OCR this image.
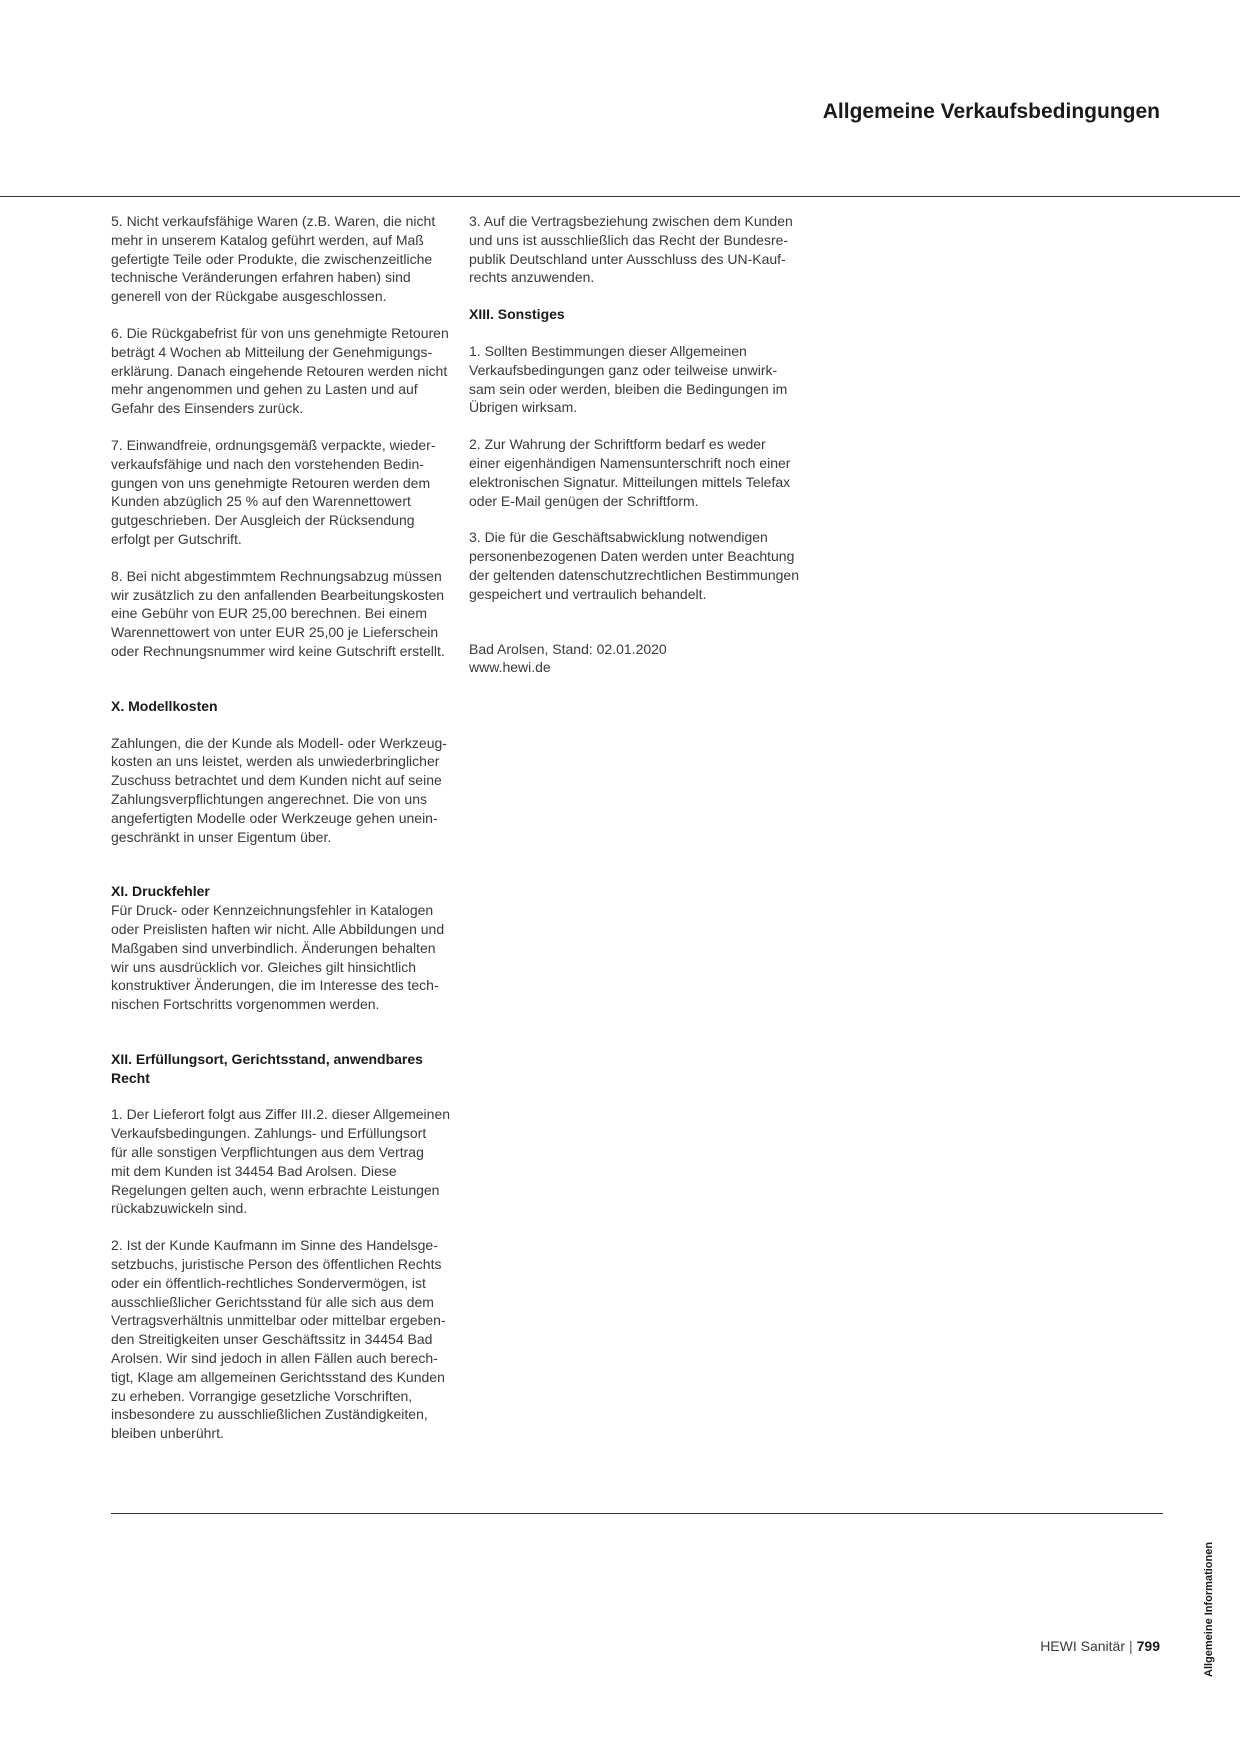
Allgemeine Verkaufsbedingungen

5. Nicht verkaufsfähige Waren (z.B. Waren, die nicht
mehr in unserem Katalog geführt werden, auf Maß
gefertigte Teile oder Produkte, die zwischenzeitliche
technische Veränderungen erfahren haben) sind
generell von der Rückgabe ausgeschlossen.

6. Die Rückgabefrist für von uns genehmigte Retouren
beträgt 4 Wochen ab Mitteilung der Genehmigungs-
erklärung. Danach eingehende Retouren werden nicht
mehr angenommen und gehen zu Lasten und auf
Gefahr des Einsenders zurück.

7. Einwandfreie, ordnungsgemäß verpackte, wieder-
verkaufsfähige und nach den vorstehenden Bedin-
gungen von uns genehmigte Retouren werden dem
Kunden abzüglich 25 % auf den Warennettowert
gutgeschrieben. Der Ausgleich der Rücksendung
erfolgt per Gutschrift.

8. Bei nicht abgestimmtem Rechnungsabzug müssen
wir zusätzlich zu den anfallenden Bearbeitungskosten
eine Gebühr von EUR 25,00 berechnen. Bei einem
Warennettowert von unter EUR 25,00 je Lieferschein
oder Rechnungsnummer wird keine Gutschrift erstellt.

X. Modellkosten

Zahlungen, die der Kunde als Modell- oder Werkzeug-
kosten an uns leistet, werden als unwiederbringlicher
Zuschuss betrachtet und dem Kunden nicht auf seine
Zahlungsverpflichtungen angerechnet. Die von uns
angefertigten Modelle oder Werkzeuge gehen unein-
geschränkt in unser Eigentum über.

XI. Druckfehler

Für Druck- oder Kennzeichnungsfehler in Katalogen
oder Preislisten haften wir nicht. Alle Abbildungen und
Maßgaben sind unverbindlich. Änderungen behalten
wir uns ausdrücklich vor. Gleiches gilt hinsichtlich
konstruktiver Änderungen, die im Interesse des tech-
nischen Fortschritts vorgenommen werden.

XII. Erfüllungsort, Gerichtsstand, anwendbares
Recht

1. Der Lieferort folgt aus Ziffer III.2. dieser Allgemeinen
Verkaufsbedingungen. Zahlungs- und Erfüllungsort
für alle sonstigen Verpflichtungen aus dem Vertrag
mit dem Kunden ist 34454 Bad Arolsen. Diese
Regelungen gelten auch, wenn erbrachte Leistungen
rückabzuwickeln sind.

2. Ist der Kunde Kaufmann im Sinne des Handelsge-
setzbuchs, juristische Person des öffentlichen Rechts
oder ein öffentlich-rechtliches Sondervermögen, ist
ausschließlicher Gerichtsstand für alle sich aus dem
Vertragsverhältnis unmittelbar oder mittelbar ergeben-
den Streitigkeiten unser Geschäftssitz in 34454 Bad
Arolsen. Wir sind jedoch in allen Fällen auch berech-
tigt, Klage am allgemeinen Gerichtsstand des Kunden
zu erheben. Vorrangige gesetzliche Vorschriften,
insbesondere zu ausschließlichen Zuständigkeiten,
bleiben unberührt.

3. Auf die Vertragsbeziehung zwischen dem Kunden
und uns ist ausschließlich das Recht der Bundesre-
publik Deutschland unter Ausschluss des UN-Kauf-
rechts anzuwenden.

XIII. Sonstiges

1. Sollten Bestimmungen dieser Allgemeinen
Verkaufsbedingungen ganz oder teilweise unwirk-
sam sein oder werden, bleiben die Bedingungen im
Übrigen wirksam.

2. Zur Wahrung der Schriftform bedarf es weder
einer eigenhändigen Namensunterschrift noch einer
elektronischen Signatur. Mitteilungen mittels Telefax
oder E-Mail genügen der Schriftform.

3. Die für die Geschäftsabwicklung notwendigen
personenbezogenen Daten werden unter Beachtung
der geltenden datenschutzrechtlichen Bestimmungen
gespeichert und vertraulich behandelt.

Bad Arolsen, Stand: 02.01.2020
www.hewi.de
HEWI Sanitär | 799	Allgemeine Informationen
